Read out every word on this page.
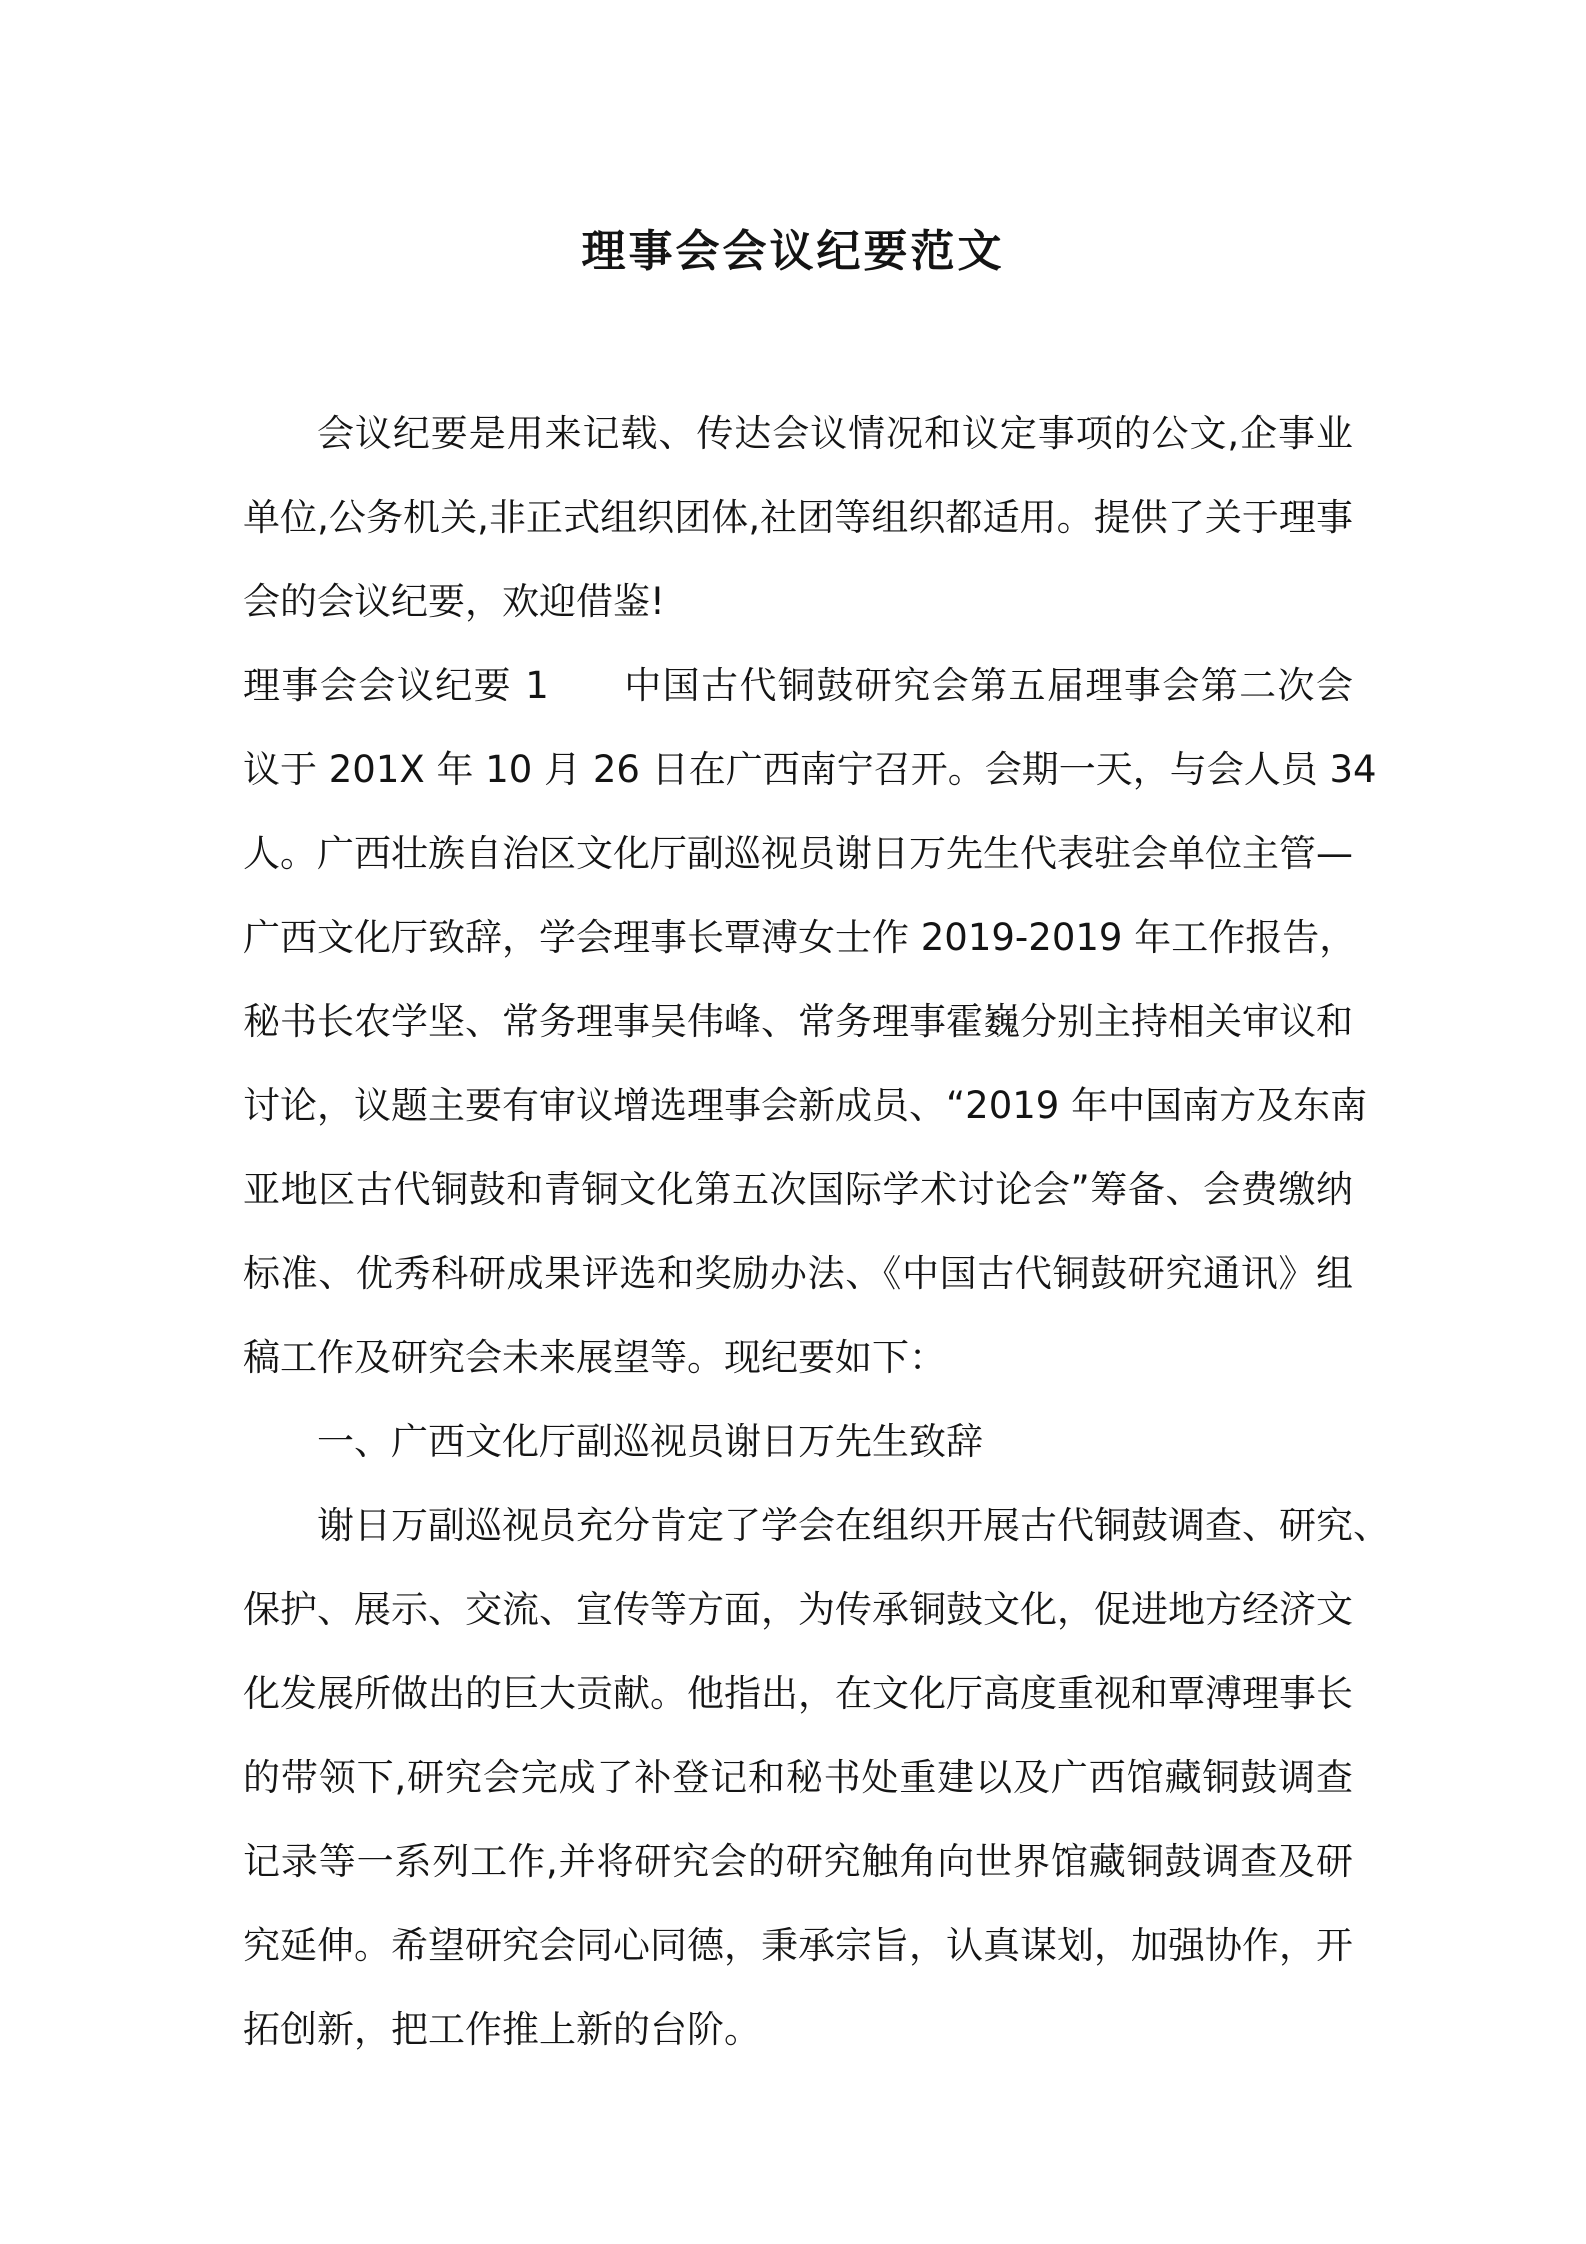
理事会会议纪要范文
会议纪要是用来记载、传达会议情况和议定事项的公文,企事业
单位,公务机关,非正式组织团体,社团等组织都适用。提供了关于理事
会的会议纪要，欢迎借鉴!
理事会会议纪要 1 中国古代铜鼓研究会第五届理事会第二次会
议于 201X 年 10 月 26 日在广西南宁召开。会期一天，与会人员 34
人。广西壮族自治区文化厅副巡视员谢日万先生代表驻会单位主管—
广西文化厅致辞，学会理事长覃溥女士作 2019-2019 年工作报告，
秘书长农学坚、常务理事吴伟峰、常务理事霍巍分别主持相关审议和
讨论，议题主要有审议增选理事会新成员、“2019 年中国南方及东南
亚地区古代铜鼓和青铜文化第五次国际学术讨论会”筹备、会费缴纳
标准、优秀科研成果评选和奖励办法、《中国古代铜鼓研究通讯》组
稿工作及研究会未来展望等。现纪要如下：
一、广西文化厅副巡视员谢日万先生致辞
谢日万副巡视员充分肯定了学会在组织开展古代铜鼓调查、研究、
保护、展示、交流、宣传等方面，为传承铜鼓文化，促进地方经济文
化发展所做出的巨大贡献。他指出，在文化厅高度重视和覃溥理事长
的带领下,研究会完成了补登记和秘书处重建以及广西馆藏铜鼓调查
记录等一系列工作,并将研究会的研究触角向世界馆藏铜鼓调查及研
究延伸。希望研究会同心同德，秉承宗旨，认真谋划，加强协作，开
拓创新，把工作推上新的台阶。
